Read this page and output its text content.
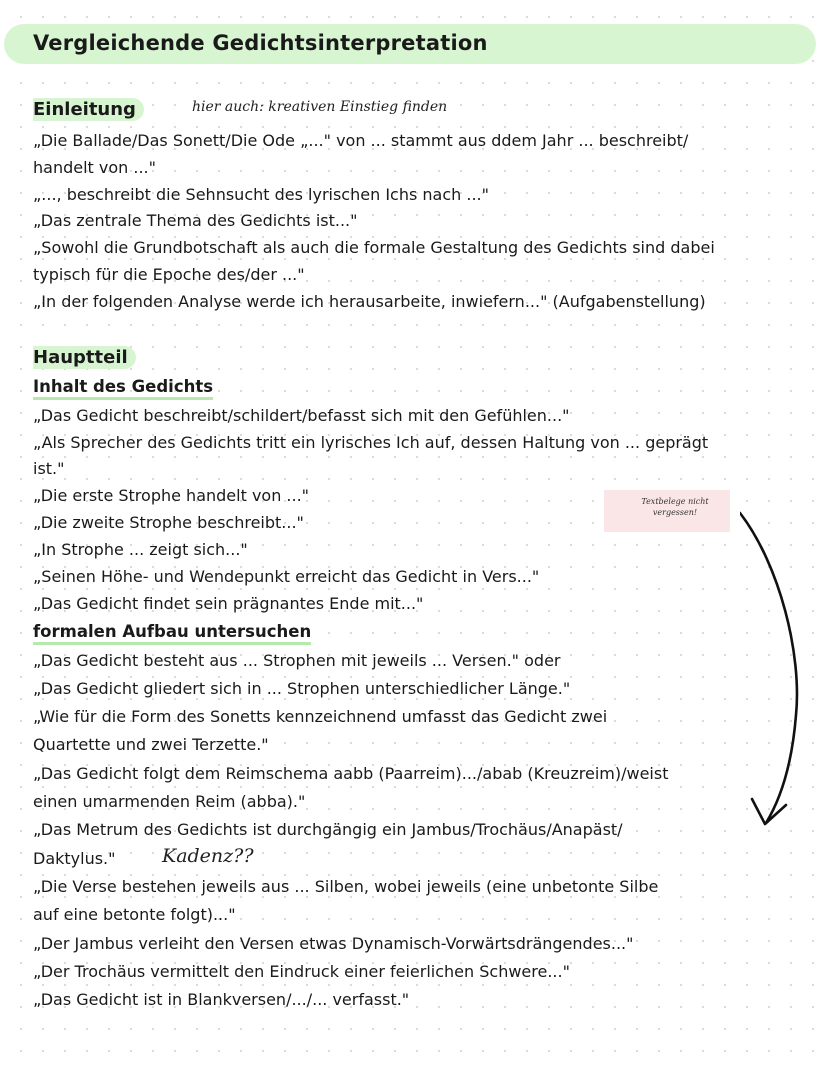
Vergleichende Gedichtsinterpretation
Einleitung	hier auch: kreativen Einstieg finden
„Die Ballade/Das Sonett/Die Ode „..." von ... stammt aus ddem Jahr ... beschreibt/
handelt von ..."
„..., beschreibt die Sehnsucht des lyrischen Ichs nach ..."
„Das zentrale Thema des Gedichts ist..."
„Sowohl die Grundbotschaft als auch die formale Gestaltung des Gedichts sind dabei
typisch für die Epoche des/der ..."
„In der folgenden Analyse werde ich herausarbeite, inwiefern..." (Aufgabenstellung)
Hauptteil
Inhalt des Gedichts
„Das Gedicht beschreibt/schildert/befasst sich mit den Gefühlen..."
„Als Sprecher des Gedichts tritt ein lyrisches Ich auf, dessen Haltung von ... geprägt
ist."
„Die erste Strophe handelt von ..."
„Die zweite Strophe beschreibt..."
„In Strophe ... zeigt sich..."
„Seinen Höhe- und Wendepunkt erreicht das Gedicht in Vers..."
„Das Gedicht findet sein prägnantes Ende mit..."
formalen Aufbau untersuchen
„Das Gedicht besteht aus ... Strophen mit jeweils ... Versen." oder
„Das Gedicht gliedert sich in ... Strophen unterschiedlicher Länge."
„Wie für die Form des Sonetts kennzeichnend umfasst das Gedicht zwei
Quartette und zwei Terzette."
„Das Gedicht folgt dem Reimschema aabb (Paarreim).../abab (Kreuzreim)/weist
einen umarmenden Reim (abba)."
„Das Metrum des Gedichts ist durchgängig ein Jambus/Trochäus/Anapäst/
Daktylus." Kadenz??
„Die Verse bestehen jeweils aus ... Silben, wobei jeweils (eine unbetonte Silbe
auf eine betonte folgt)..."
„Der Jambus verleiht den Versen etwas Dynamisch-Vorwärtsdrängendes..."
„Der Trochäus vermittelt den Eindruck einer feierlichen Schwere..."
„Das Gedicht ist in Blankversen/.../... verfasst."
Textbelege nicht vergessen!
